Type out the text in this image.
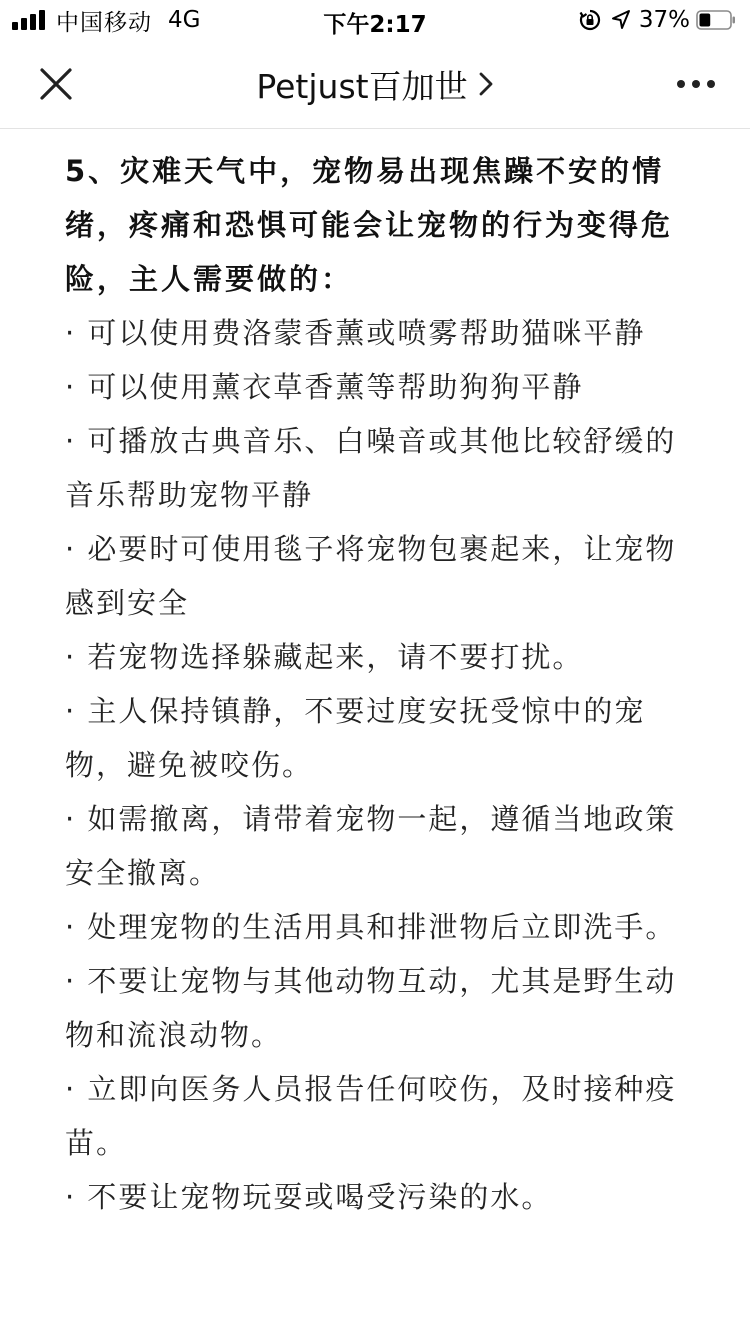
中国移动 4G	下午2:17	37%
Petjust百加世

5、灾难天气中，宠物易出现焦躁不安的情绪，疼痛和恐惧可能会让宠物的行为变得危险，主人需要做的：

· 可以使用费洛蒙香薰或喷雾帮助猫咪平静
· 可以使用薰衣草香薰等帮助狗狗平静
· 可播放古典音乐、白噪音或其他比较舒缓的音乐帮助宠物平静
· 必要时可使用毯子将宠物包裹起来，让宠物感到安全
· 若宠物选择躲藏起来，请不要打扰。
· 主人保持镇静，不要过度安抚受惊中的宠物，避免被咬伤。
· 如需撤离，请带着宠物一起，遵循当地政策安全撤离。
· 处理宠物的生活用具和排泄物后立即洗手。
· 不要让宠物与其他动物互动，尤其是野生动物和流浪动物。
· 立即向医务人员报告任何咬伤，及时接种疫苗。
· 不要让宠物玩耍或喝受污染的水。
